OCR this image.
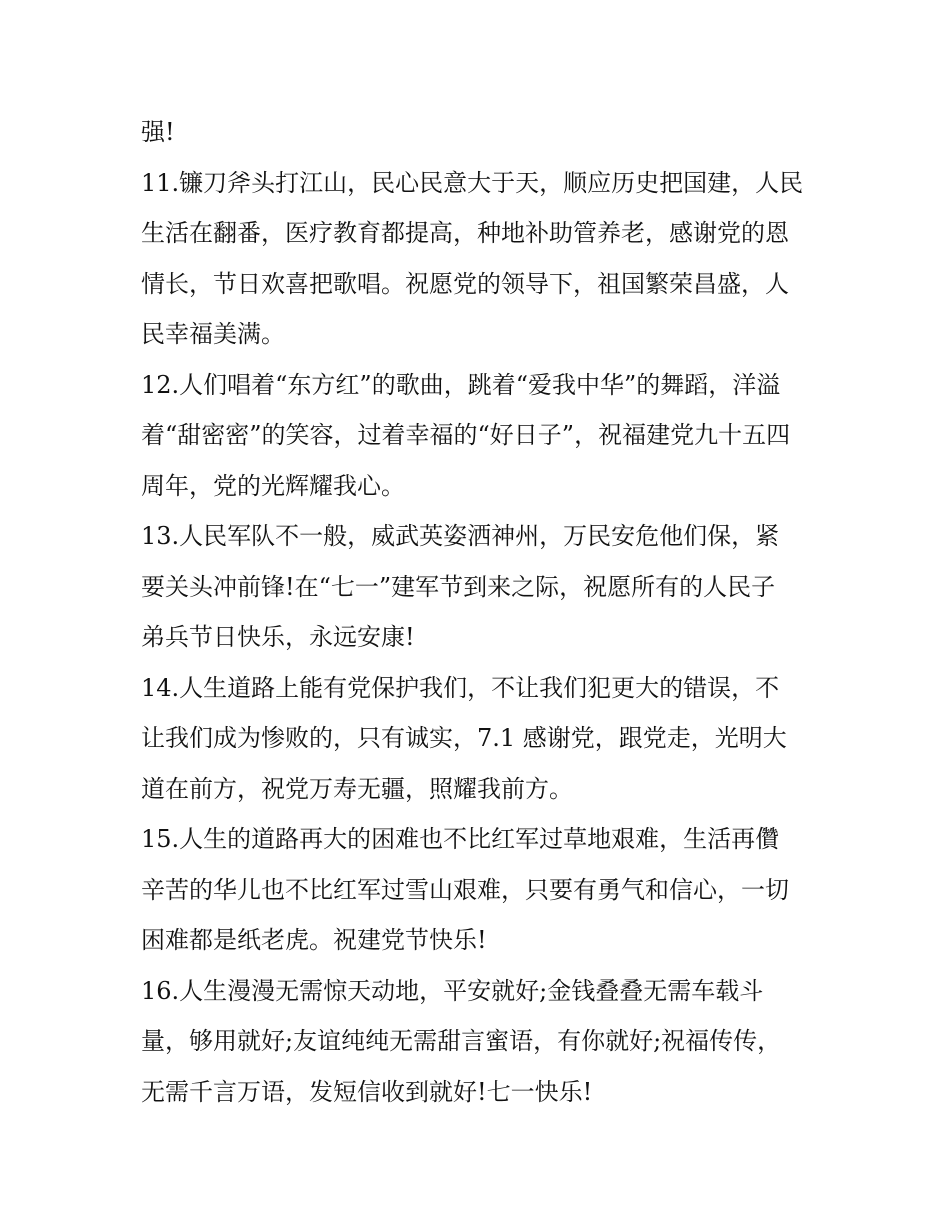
强!
11.镰刀斧头打江山，民心民意大于天，顺应历史把国建，人民
生活在翻番，医疗教育都提高，种地补助管养老，感谢党的恩
情长，节日欢喜把歌唱。祝愿党的领导下，祖国繁荣昌盛，人
民幸福美满。
12.人们唱着“东方红”的歌曲，跳着“爱我中华”的舞蹈，洋溢
着“甜密密”的笑容，过着幸福的“好日子”，祝福建党九十五四
周年，党的光辉耀我心。
13.人民军队不一般，威武英姿洒神州，万民安危他们保，紧
要关头冲前锋!在“七一”建军节到来之际，祝愿所有的人民子
弟兵节日快乐，永远安康!
14.人生道路上能有党保护我们，不让我们犯更大的错误，不
让我们成为惨败的，只有诚实，7.1 感谢党，跟党走，光明大
道在前方，祝党万寿无疆，照耀我前方。
15.人生的道路再大的困难也不比红军过草地艰难，生活再儹
辛苦的华儿也不比红军过雪山艰难，只要有勇气和信心，一切
困难都是纸老虎。祝建党节快乐!
16.人生漫漫无需惊天动地，平安就好;金钱叠叠无需车载斗
量，够用就好;友谊纯纯无需甜言蜜语，有你就好;祝福传传，
无需千言万语，发短信收到就好!七一快乐!
